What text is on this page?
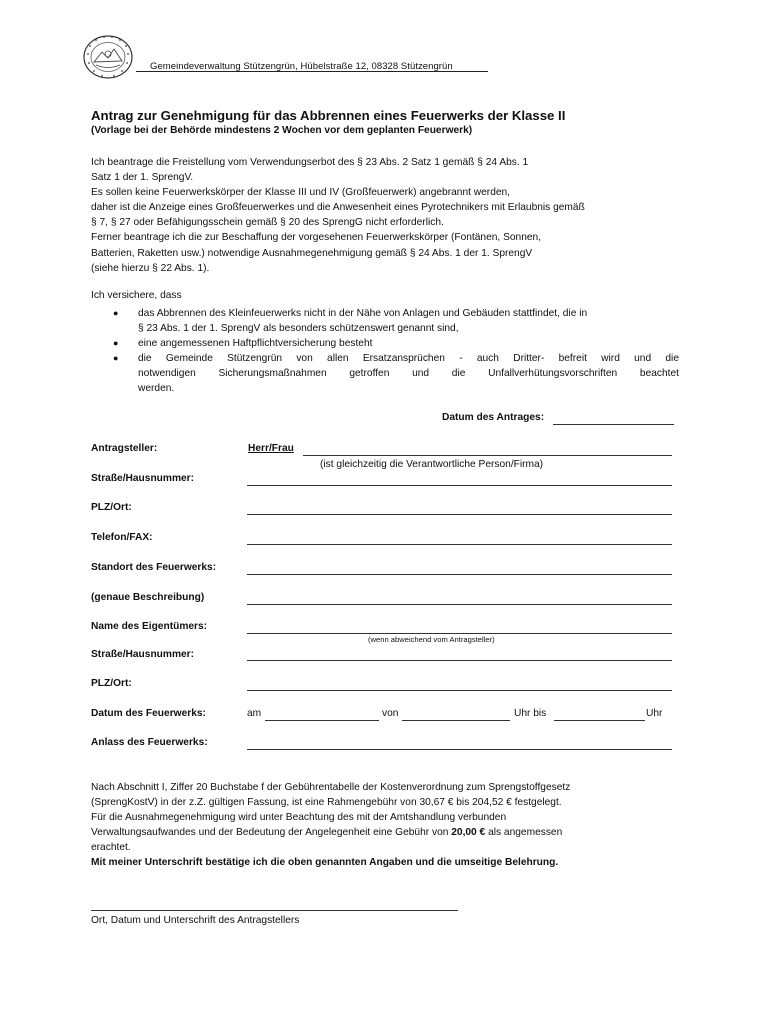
Gemeindeverwaltung Stützengrün, Hübelstraße 12, 08328 Stützengrün
Antrag zur Genehmigung für das Abbrennen eines Feuerwerks der Klasse II
(Vorlage bei der Behörde mindestens 2 Wochen vor dem geplanten Feuerwerk)
Ich beantrage die Freistellung vom Verwendungserbot des § 23 Abs. 2 Satz 1 gemäß § 24 Abs. 1
Satz 1 der 1. SprengV.
Es sollen keine Feuerwerkskörper der Klasse III und IV (Großfeuerwerk) angebrannt werden,
daher ist die Anzeige eines Großfeuerwerkes und die Anwesenheit eines Pyrotechnikers mit Erlaubnis gemäß
§ 7, § 27 oder Befähigungsschein gemäß § 20 des SprengG nicht erforderlich.
Ferner beantrage ich die zur Beschaffung der vorgesehenen Feuerwerkskörper (Fontänen, Sonnen,
Batterien, Raketten usw.) notwendige Ausnahmegenehmigung gemäß § 24 Abs. 1 der 1. SprengV
(siehe hierzu § 22 Abs. 1).
Ich versichere, dass
● das Abbrennen des Kleinfeuerwerks nicht in der Nähe von Anlagen und Gebäuden stattfindet, die in
§ 23 Abs. 1 der 1. SprengV als besonders schützenswert genannt sind,
● eine angemessenen Haftpflichtversicherung besteht
● die Gemeinde Stützengrün von allen Ersatzansprüchen - auch Dritter- befreit wird und die
notwendigen Sicherungsmaßnahmen getroffen und die Unfallverhütungsvorschriften beachtet
werden.
Datum des Antrages:
Antragsteller:	Herr/Frau
(ist gleichzeitig die Verantwortliche Person/Firma)
Straße/Hausnummer:
PLZ/Ort:
Telefon/FAX:
Standort des Feuerwerks:
(genaue Beschreibung)
Name des Eigentümers:
(wenn abweichend vom Antragsteller)
Straße/Hausnummer:
PLZ/Ort:
Datum des Feuerwerks:	am	von	Uhr bis	Uhr
Anlass des Feuerwerks:
Nach Abschnitt I, Ziffer 20 Buchstabe f der Gebührentabelle der Kostenverordnung zum Sprengstoffgesetz
(SprengKostV) in der z.Z. gültigen Fassung, ist eine Rahmengebühr von 30,67 € bis 204,52 € festgelegt.
Für die Ausnahmegenehmigung wird unter Beachtung des mit der Amtshandlung verbunden
Verwaltungsaufwandes und der Bedeutung der Angelegenheit eine Gebühr von 20,00 € als angemessen
erachtet.
Mit meiner Unterschrift bestätige ich die oben genannten Angaben und die umseitige Belehrung.
Ort, Datum und Unterschrift des Antragstellers
